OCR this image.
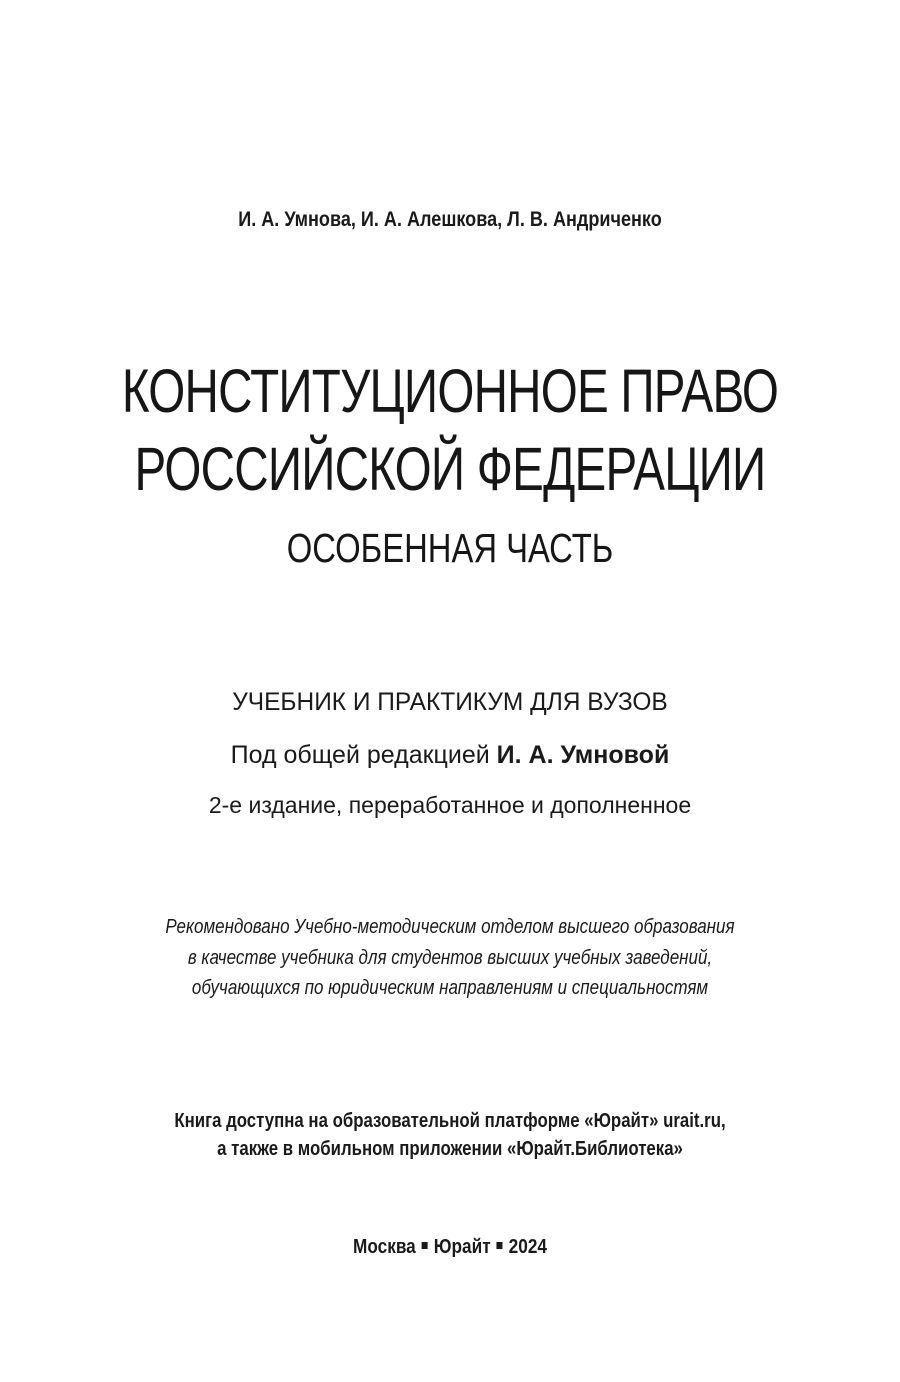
И. А. Умнова, И. А. Алешкова, Л. В. Андриченко
КОНСТИТУЦИОННОЕ ПРАВО
РОССИЙСКОЙ ФЕДЕРАЦИИ
ОСОБЕННАЯ ЧАСТЬ
УЧЕБНИК И ПРАКТИКУМ ДЛЯ ВУЗОВ
Под общей редакцией И. А. Умновой
2-е издание, переработанное и дополненное
Рекомендовано Учебно-методическим отделом высшего образования
в качестве учебника для студентов высших учебных заведений,
обучающихся по юридическим направлениям и специальностям
Книга доступна на образовательной платформе «Юрайт» urait.ru,
а также в мобильном приложении «Юрайт.Библиотека»
Москва Юрайт 2024
